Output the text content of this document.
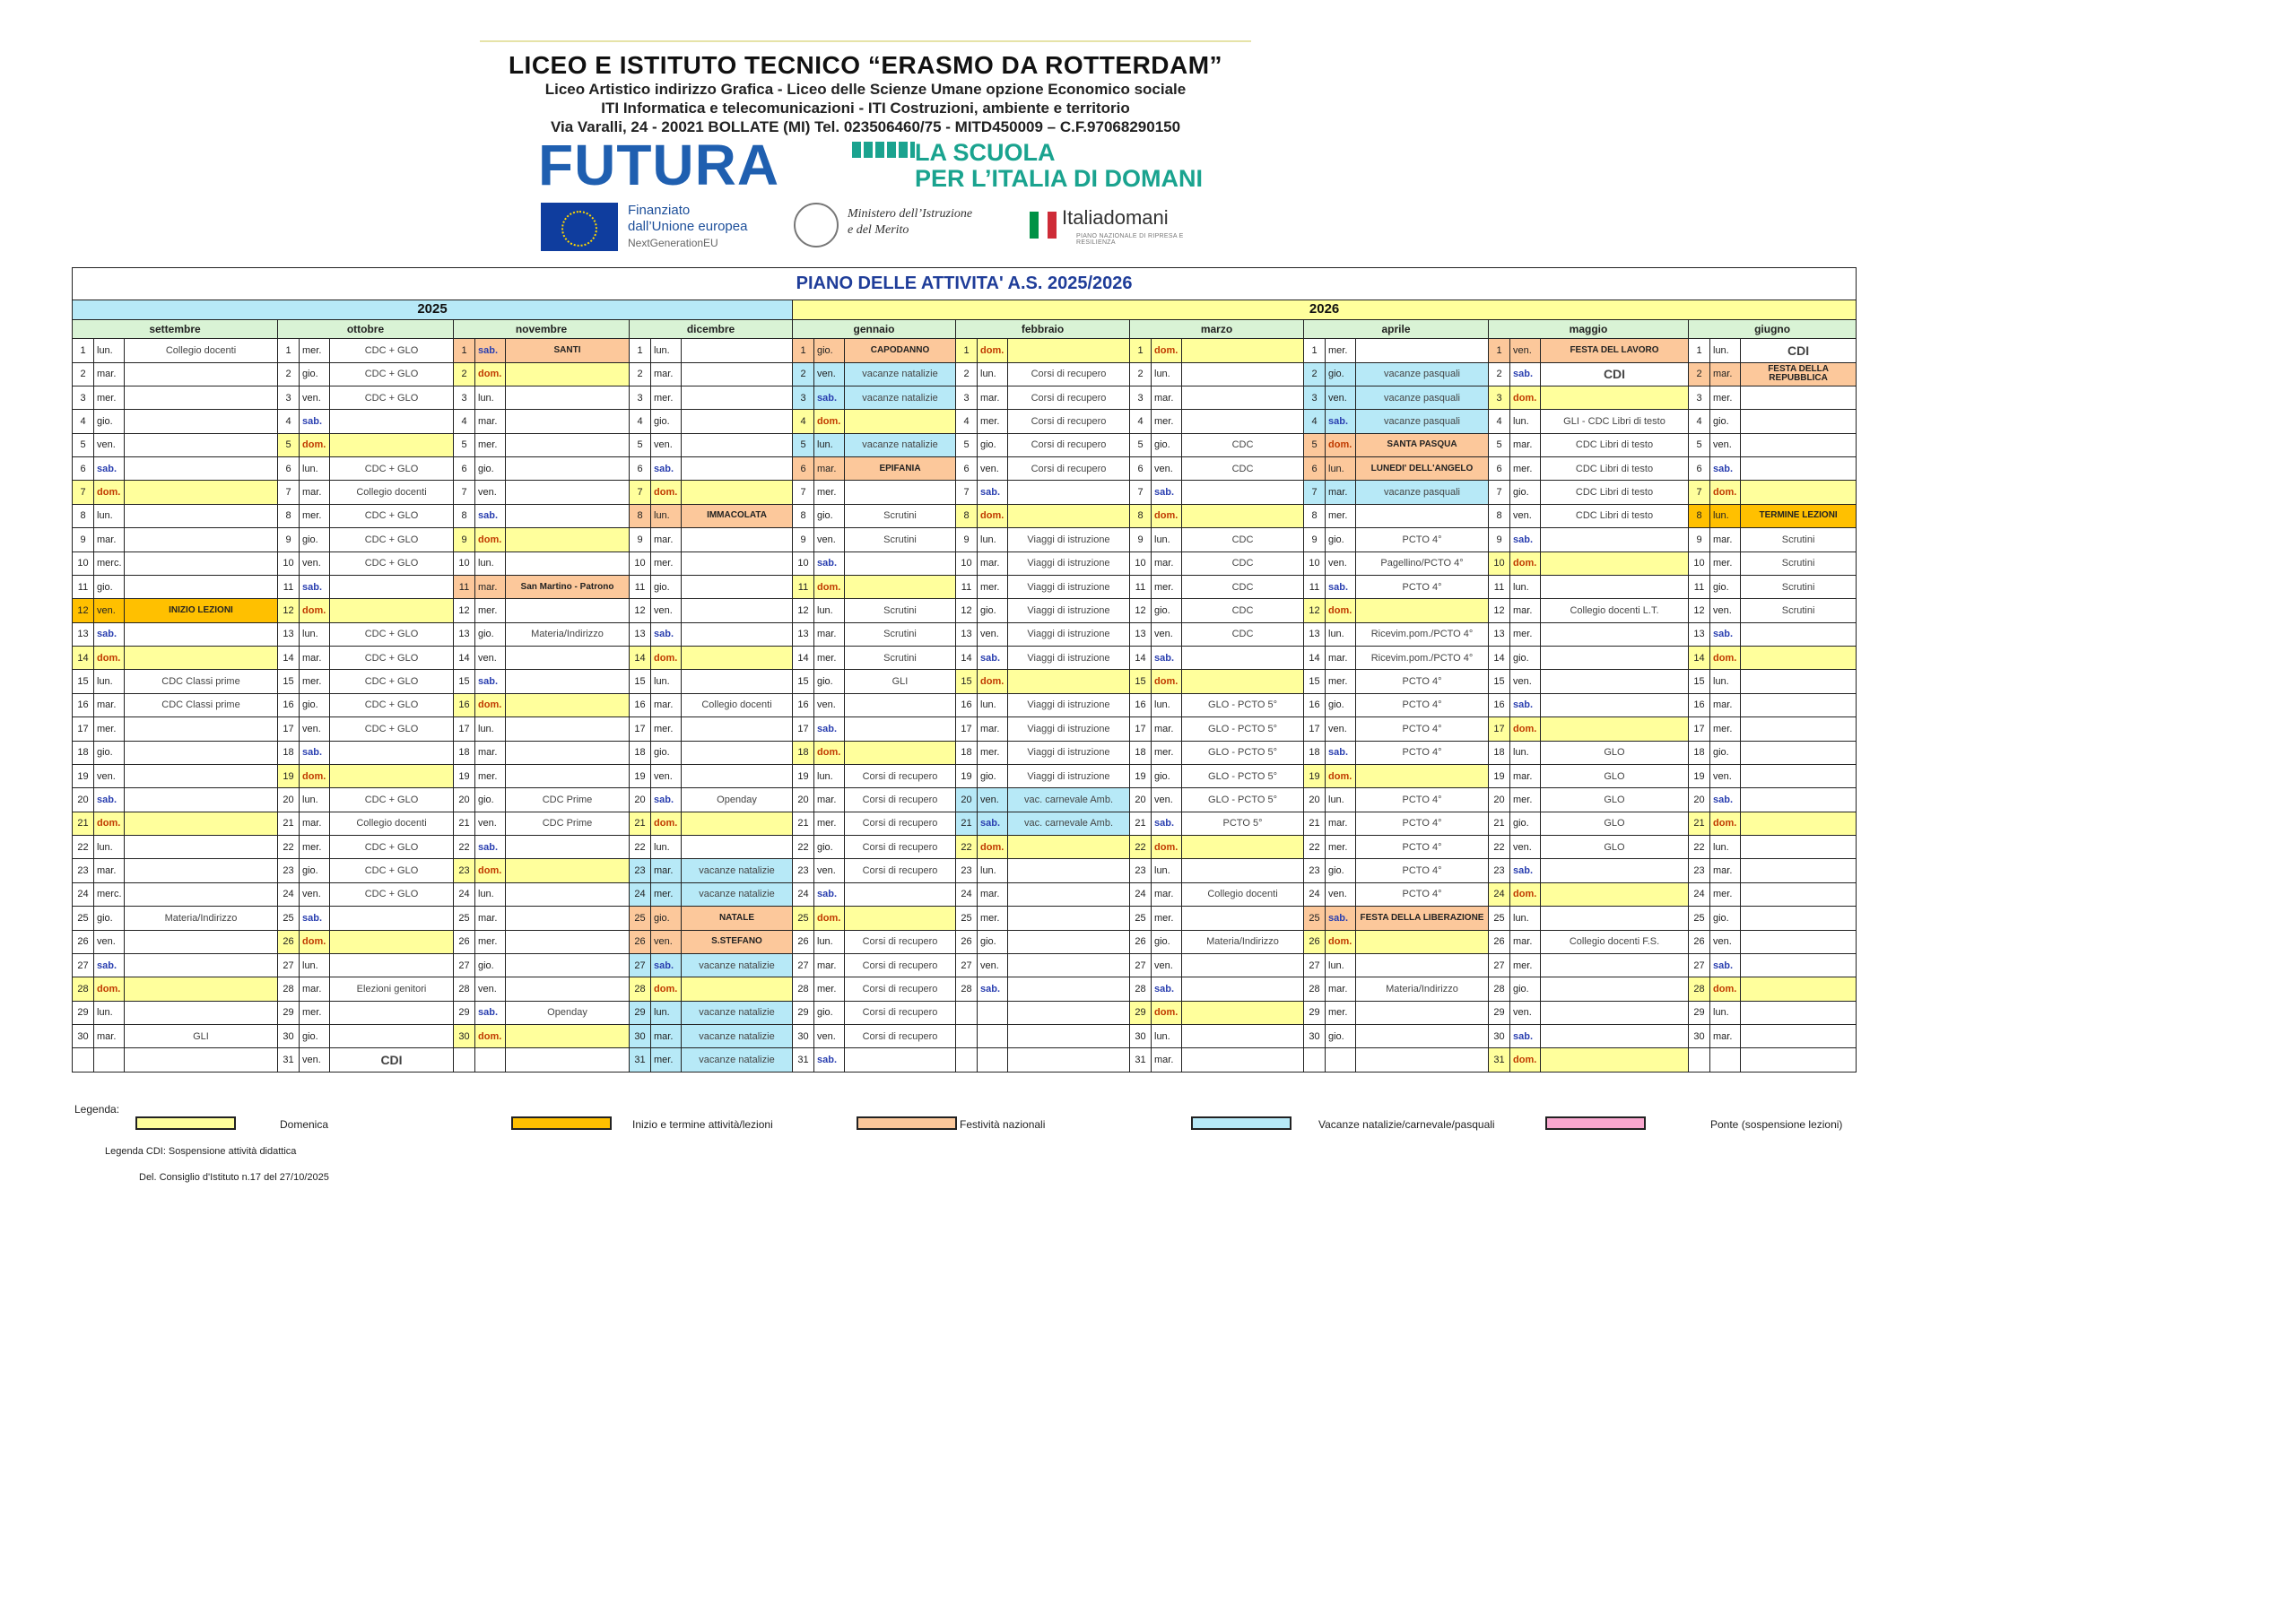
LICEO E ISTITUTO TECNICO “ERASMO DA ROTTERDAM”
Liceo Artistico indirizzo Grafica - Liceo delle Scienze Umane opzione Economico sociale
ITI Informatica e telecomunicazioni - ITI Costruzioni, ambiente e territorio
Via Varalli, 24 - 20021 BOLLATE (MI) Tel. 023506460/75 - MITD450009 – C.F.97068290150
FUTURA	LA SCUOLA
PER L’ITALIA DI DOMANI
Finanziato
dall’Unione europea
NextGenerationEU
Ministero dell’Istruzione
e del Merito
Italiadomani
PIANO NAZIONALE DI RIPRESA E RESILIENZA
PIANO DELLE ATTIVITA' A.S. 2025/2026																													
2025												2026																	
settembre			ottobre			novembre			dicembre			gennaio			febbraio			marzo			aprile			maggio			giugno		
1	lun.	Collegio docenti	1	mer.	CDC + GLO	1	sab.	SANTI	1	lun.		1	gio.	CAPODANNO	1	dom.		1	dom.		1	mer.		1	ven.	FESTA DEL LAVORO	1	lun.	CDI
2	mar.		2	gio.	CDC + GLO	2	dom.		2	mar.		2	ven.	vacanze natalizie	2	lun.	Corsi di recupero	2	lun.		2	gio.	vacanze pasquali	2	sab.	CDI	2	mar.	FESTA DELLA REPUBBLICA
3	mer.		3	ven.	CDC + GLO	3	lun.		3	mer.		3	sab.	vacanze natalizie	3	mar.	Corsi di recupero	3	mar.		3	ven.	vacanze pasquali	3	dom.		3	mer.	
4	gio.		4	sab.		4	mar.		4	gio.		4	dom.		4	mer.	Corsi di recupero	4	mer.		4	sab.	vacanze pasquali	4	lun.	GLI - CDC Libri di testo	4	gio.	
5	ven.		5	dom.		5	mer.		5	ven.		5	lun.	vacanze natalizie	5	gio.	Corsi di recupero	5	gio.	CDC	5	dom.	SANTA PASQUA	5	mar.	CDC Libri di testo	5	ven.	
6	sab.		6	lun.	CDC + GLO	6	gio.		6	sab.		6	mar.	EPIFANIA	6	ven.	Corsi di recupero	6	ven.	CDC	6	lun.	LUNEDI' DELL'ANGELO	6	mer.	CDC Libri di testo	6	sab.	
7	dom.		7	mar.	Collegio docenti	7	ven.		7	dom.		7	mer.		7	sab.		7	sab.		7	mar.	vacanze pasquali	7	gio.	CDC Libri di testo	7	dom.	
8	lun.		8	mer.	CDC + GLO	8	sab.		8	lun.	IMMACOLATA	8	gio.	Scrutini	8	dom.		8	dom.		8	mer.		8	ven.	CDC Libri di testo	8	lun.	TERMINE LEZIONI
9	mar.		9	gio.	CDC + GLO	9	dom.		9	mar.		9	ven.	Scrutini	9	lun.	Viaggi di istruzione	9	lun.	CDC	9	gio.	PCTO 4°	9	sab.		9	mar.	Scrutini
10	merc.		10	ven.	CDC + GLO	10	lun.		10	mer.		10	sab.		10	mar.	Viaggi di istruzione	10	mar.	CDC	10	ven.	Pagellino/PCTO 4°	10	dom.		10	mer.	Scrutini
11	gio.		11	sab.		11	mar.	San Martino - Patrono	11	gio.		11	dom.		11	mer.	Viaggi di istruzione	11	mer.	CDC	11	sab.	PCTO 4°	11	lun.		11	gio.	Scrutini
12	ven.	INIZIO LEZIONI	12	dom.		12	mer.		12	ven.		12	lun.	Scrutini	12	gio.	Viaggi di istruzione	12	gio.	CDC	12	dom.		12	mar.	Collegio docenti L.T.	12	ven.	Scrutini
13	sab.		13	lun.	CDC + GLO	13	gio.	Materia/Indirizzo	13	sab.		13	mar.	Scrutini	13	ven.	Viaggi di istruzione	13	ven.	CDC	13	lun.	Ricevim.pom./PCTO 4°	13	mer.		13	sab.	
14	dom.		14	mar.	CDC + GLO	14	ven.		14	dom.		14	mer.	Scrutini	14	sab.	Viaggi di istruzione	14	sab.		14	mar.	Ricevim.pom./PCTO 4°	14	gio.		14	dom.	
15	lun.	CDC Classi prime	15	mer.	CDC + GLO	15	sab.		15	lun.		15	gio.	GLI	15	dom.		15	dom.		15	mer.	PCTO 4°	15	ven.		15	lun.	
16	mar.	CDC Classi prime	16	gio.	CDC + GLO	16	dom.		16	mar.	Collegio docenti	16	ven.		16	lun.	Viaggi di istruzione	16	lun.	GLO - PCTO 5°	16	gio.	PCTO 4°	16	sab.		16	mar.	
17	mer.		17	ven.	CDC + GLO	17	lun.		17	mer.		17	sab.		17	mar.	Viaggi di istruzione	17	mar.	GLO - PCTO 5°	17	ven.	PCTO 4°	17	dom.		17	mer.	
18	gio.		18	sab.		18	mar.		18	gio.		18	dom.		18	mer.	Viaggi di istruzione	18	mer.	GLO - PCTO 5°	18	sab.	PCTO 4°	18	lun.	GLO	18	gio.	
19	ven.		19	dom.		19	mer.		19	ven.		19	lun.	Corsi di recupero	19	gio.	Viaggi di istruzione	19	gio.	GLO - PCTO 5°	19	dom.		19	mar.	GLO	19	ven.	
20	sab.		20	lun.	CDC + GLO	20	gio.	CDC Prime	20	sab.	Openday	20	mar.	Corsi di recupero	20	ven.	vac. carnevale Amb.	20	ven.	GLO - PCTO 5°	20	lun.	PCTO 4°	20	mer.	GLO	20	sab.	
21	dom.		21	mar.	Collegio docenti	21	ven.	CDC Prime	21	dom.		21	mer.	Corsi di recupero	21	sab.	vac. carnevale Amb.	21	sab.	PCTO 5°	21	mar.	PCTO 4°	21	gio.	GLO	21	dom.	
22	lun.		22	mer.	CDC + GLO	22	sab.		22	lun.		22	gio.	Corsi di recupero	22	dom.		22	dom.		22	mer.	PCTO 4°	22	ven.	GLO	22	lun.	
23	mar.		23	gio.	CDC + GLO	23	dom.		23	mar.	vacanze natalizie	23	ven.	Corsi di recupero	23	lun.		23	lun.		23	gio.	PCTO 4°	23	sab.		23	mar.	
24	merc.		24	ven.	CDC + GLO	24	lun.		24	mer.	vacanze natalizie	24	sab.		24	mar.		24	mar.	Collegio docenti	24	ven.	PCTO 4°	24	dom.		24	mer.	
25	gio.	Materia/Indirizzo	25	sab.		25	mar.		25	gio.	NATALE	25	dom.		25	mer.		25	mer.		25	sab.	FESTA DELLA LIBERAZIONE	25	lun.		25	gio.	
26	ven.		26	dom.		26	mer.		26	ven.	S.STEFANO	26	lun.	Corsi di recupero	26	gio.		26	gio.	Materia/Indirizzo	26	dom.		26	mar.	Collegio docenti F.S.	26	ven.	
27	sab.		27	lun.		27	gio.		27	sab.	vacanze natalizie	27	mar.	Corsi di recupero	27	ven.		27	ven.		27	lun.		27	mer.		27	sab.	
28	dom.		28	mar.	Elezioni genitori	28	ven.		28	dom.		28	mer.	Corsi di recupero	28	sab.		28	sab.		28	mar.	Materia/Indirizzo	28	gio.		28	dom.	
29	lun.		29	mer.		29	sab.	Openday	29	lun.	vacanze natalizie	29	gio.	Corsi di recupero				29	dom.		29	mer.		29	ven.		29	lun.	
30	mar.	GLI	30	gio.		30	dom.		30	mar.	vacanze natalizie	30	ven.	Corsi di recupero				30	lun.		30	gio.		30	sab.		30	mar.	
			31	ven.	CDI				31	mer.	vacanze natalizie	31	sab.					31	mar.					31	dom.				
Legenda:
Domenica	Inizio e termine attività/lezioni	Festività nazionali	Vacanze natalizie/carnevale/pasquali	Ponte (sospensione lezioni)
Legenda CDI: Sospensione attività didattica
Del. Consiglio d'Istituto n.17 del 27/10/2025
